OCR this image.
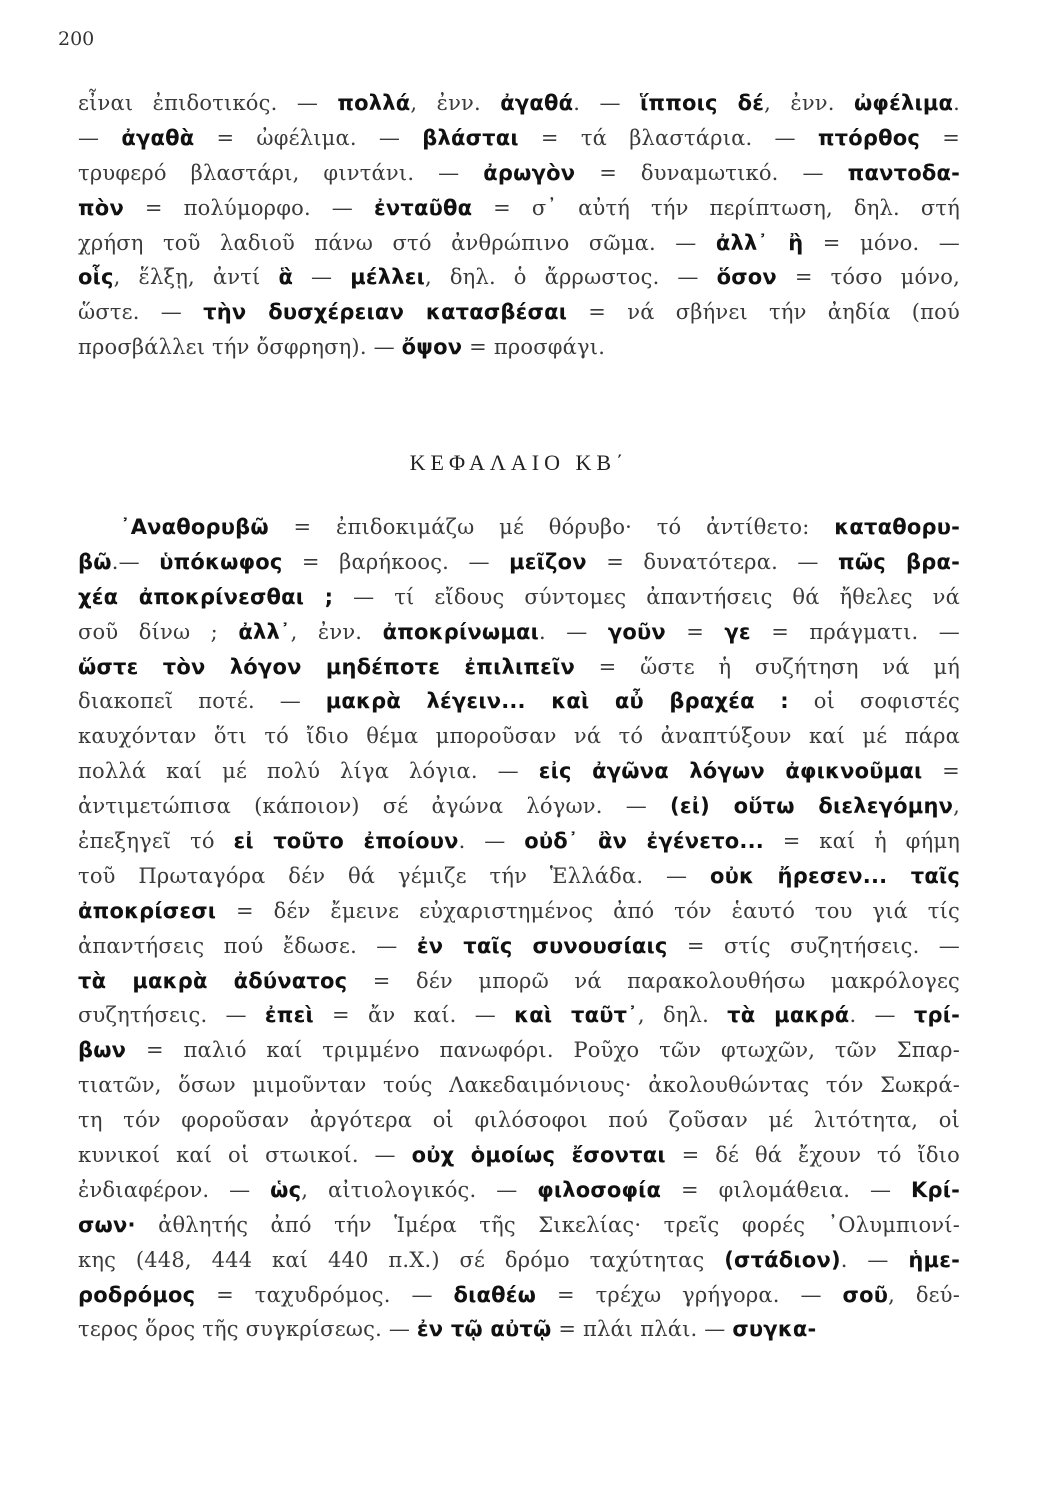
200
εἶναι ἐπιδοτικός. — πολλά, ἐνν. ἀγαθά. — ἵπποις δέ, ἐνν. ὠφέλιμα.
— ἀγαθὰ = ὠφέλιμα. — βλάσται = τά βλαστάρια. — πτόρθος =
τρυφερό βλαστάρι, φιντάνι. — ἀρωγὸν = δυναμωτικό. — παντοδα-
πὸν = πολύμορφο. — ἐνταῦθα = σ᾽ αὐτή τήν περίπτωση, δηλ. στή
χρήση τοῦ λαδιοῦ πάνω στό ἀνθρώπινο σῶμα. — ἀλλ᾽ ἢ = μόνο. —
οἷς, ἕλξῃ, ἀντί ἃ — μέλλει, δηλ. ὁ ἄρρωστος. — ὅσον = τόσο μόνο,
ὥστε. — τὴν δυσχέρειαν κατασβέσαι = νά σβήνει τήν ἀηδία (πού
προσβάλλει τήν ὄσφρηση). — ὄψον = προσφάγι.
ΚΕΦΑΛΑΙΟ ΚΒ΄
᾽Αναθορυβῶ = ἐπιδοκιμάζω μέ θόρυβο· τό ἀντίθετο: καταθορυ-
βῶ.— ὑπόκωφος = βαρήκοος. — μεῖζον = δυνατότερα. — πῶς βρα-
χέα ἀποκρίνεσθαι ; — τί εἴδους σύντομες ἀπαντήσεις θά ἤθελες νά
σοῦ δίνω ; ἀλλ᾽, ἐνν. ἀποκρίνωμαι. — γοῦν = γε = πράγματι. —
ὥστε τὸν λόγον μηδέποτε ἐπιλιπεῖν = ὥστε ἡ συζήτηση νά μή
διακοπεῖ ποτέ. — μακρὰ λέγειν... καὶ αὖ βραχέα : οἱ σοφιστές
καυχόνταν ὅτι τό ἴδιο θέμα μποροῦσαν νά τό ἀναπτύξουν καί μέ πάρα
πολλά καί μέ πολύ λίγα λόγια. — εἰς ἀγῶνα λόγων ἀφικνοῦμαι =
ἀντιμετώπισα (κάποιον) σέ ἀγώνα λόγων. — (εἰ) οὕτω διελεγόμην,
ἐπεξηγεῖ τό εἰ τοῦτο ἐποίουν. — οὐδ᾽ ἂν ἐγένετο... = καί ἡ φήμη
τοῦ Πρωταγόρα δέν θά γέμιζε τήν Ἑλλάδα. — οὐκ ἤρεσεν... ταῖς
ἀποκρίσεσι = δέν ἔμεινε εὐχαριστημένος ἀπό τόν ἑαυτό του γιά τίς
ἀπαντήσεις πού ἔδωσε. — ἐν ταῖς συνουσίαις = στίς συζητήσεις. —
τὰ μακρὰ ἀδύνατος = δέν μπορῶ νά παρακολουθήσω μακρόλογες
συζητήσεις. — ἐπεὶ = ἄν καί. — καὶ ταῦτ᾽, δηλ. τὰ μακρά. — τρί-
βων = παλιό καί τριμμένο πανωφόρι. Ροῦχο τῶν φτωχῶν, τῶν Σπαρ-
τιατῶν, ὅσων μιμοῦνταν τούς Λακεδαιμόνιους· ἀκολουθώντας τόν Σωκρά-
τη τόν φοροῦσαν ἀργότερα οἱ φιλόσοφοι πού ζοῦσαν μέ λιτότητα, οἱ
κυνικοί καί οἱ στωικοί. — οὐχ ὁμοίως ἔσονται = δέ θά ἔχουν τό ἴδιο
ἐνδιαφέρον. — ὡς, αἰτιολογικός. — φιλοσοφία = φιλομάθεια. — Κρί-
σων· ἀθλητής ἀπό τήν Ἱμέρα τῆς Σικελίας· τρεῖς φορές ᾽Ολυμπιονί-
κης (448, 444 καί 440 π.Χ.) σέ δρόμο ταχύτητας (στάδιον). — ἡμε-
ροδρόμος = ταχυδρόμος. — διαθέω = τρέχω γρήγορα. — σοῦ, δεύ-
τερος ὅρος τῆς συγκρίσεως. — ἐν τῷ αὐτῷ = πλάι πλάι. — συγκα-
